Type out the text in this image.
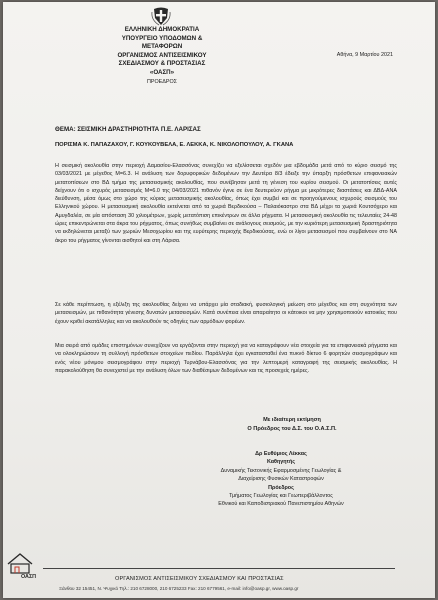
ΕΛΛΗΝΙΚΗ ΔΗΜΟΚΡΑΤΙΑ
ΥΠΟΥΡΓΕΙΟ ΥΠΟΔΟΜΩΝ &
ΜΕΤΑΦΟΡΩΝ
ΟΡΓΑΝΙΣΜΟΣ ΑΝΤΙΣΕΙΣΜΙΚΟΥ
ΣΧΕΔΙΑΣΜΟΥ & ΠΡΟΣΤΑΣΙΑΣ
«ΟΑΣΠ»
ΠΡΟΕΔΡΟΣ
Αθήνα, 9 Μαρτίου 2021
ΘΕΜΑ: ΣΕΙΣΜΙΚΗ ΔΡΑΣΤΗΡΙΟΤΗΤΑ Π.Ε. ΛΑΡΙΣΑΣ
ΠΟΡΙΣΜΑ Κ. ΠΑΠΑΖΑΧΟΥ, Γ. ΚΟΥΚΟΥΒΕΛΑ, Ε. ΛΕΚΚΑ, Κ. ΝΙΚΟΛΟΠΟΥΛΟΥ, Α. ΓΚΑΝΑ
Η σεισμική ακολουθία στην περιοχή Δαμασίου-Ελασσόνας συνεχίζει να εξελίσσεται σχεδόν μια εβδομάδα μετά από το κύριο σεισμό της 03/03/2021 με μέγεθος Μ=6.3. Η ανάλυση των δορυφορικών δεδομένων την Δευτέρα 8/3 έδειξε την ύπαρξη πρόσθετων επιφανειακών μετατοπίσεων στο ΒΔ τμήμα της μετασεισμικής ακολουθίας, που συνέβησαν μετά τη γένεση του κυρίου σεισμού. Οι μετατοπίσεις αυτές δείχνουν ότι ο ισχυρός μετασεισμός Μ=6.0 της 04/03/2021 πιθανόν έγινε σε ένα δευτερεύον ρήγμα με μικρότερες διαστάσεις και ΔΒΔ-ΑΝΑ διεύθυνση, μέσα όμως στο χώρο της κύριας μετασεισμικής ακολουθίας, όπως έχει συμβεί και σε προηγούμενους ισχυρούς σεισμούς του Ελληνικού χώρου. Η μετασεισμική ακολουθία εκτείνεται από τα χωριά Βερδικούσα – Παλαιόκαστρο στα ΒΔ μέχρι τα χωριά Κουτσόχερο και Αμυγδαλέα, σε μία απόσταση 30 χιλιομέτρων, χωρίς μετατόπιση επικέντρων σε άλλα ρήγματα. Η μετασεισμική ακολουθία τις τελευταίες 24-48 ώρες επικεντρώνεται στα άκρα του ρήγματος, όπως συνήθως συμβαίνει σε ανάλογους σεισμούς, με την κυριότερη μετασεισμική δραστηριότητα να εκδηλώνεται μεταξύ των χωριών Μεσοχωρίου και της ευρύτερης περιοχής Βερδικούσας, ενώ οι λίγοι μετασεισμοί που συμβαίνουν στο ΝΑ άκρο του ρήγματος γίνονται αισθητοί και στη Λάρισα.
Σε κάθε περίπτωση, η εξέλιξη της ακολουθίας δείχνει να υπάρχει μία σταδιακή, φυσιολογική μείωση στο μέγεθος και στη συχνότητα των μετασεισμών, με πιθανότητα γένεσης δυνατών μετασεισμών. Κατά συνέπεια είναι απαραίτητο οι κάτοικοι να μην χρησιμοποιούν κατοικίες που έχουν κριθεί ακατάλληλες και να ακολουθούν τις οδηγίες των αρμόδιων φορέων.
Μια σειρά από ομάδες επιστημόνων συνεχίζουν να εργάζονται στην περιοχή για να καταγράφουν νέα στοιχεία για τα επιφανειακά ρήγματα και να ολοκληρώσουν τη συλλογή πρόσθετων στοιχείων πεδίου. Παράλληλα έχει εγκατασταθεί ένα πυκνό δίκτυο 6 φορητών σεισμογράφων και ενός νέου μόνιμου σεισμογράφου στην περιοχή Τυρνάβου-Ελασσόνας για την λεπτομερή καταγραφή της σεισμικής ακολουθίας. Η παρακολούθηση θα συνεχιστεί με την ανάλυση όλων των διαθέσιμων δεδομένων και τις προσεχείς ημέρες.
Με ιδιαίτερη εκτίμηση
Ο Πρόεδρος του Δ.Σ. του Ο.Α.Σ.Π.
Δρ Ευθύμιος Λέκκας
Καθηγητής
Δυναμικής Τεκτονικής Εφαρμοσμένης Γεωλογίας &
Διαχείρισης Φυσικών Καταστροφών
Πρόεδρος
Τμήματος Γεωλογίας και Γεωπεριβάλλοντος
Εθνικού και Καποδιστριακού Πανεπιστημίου Αθηνών
ΟΑΣΠ	ΟΡΓΑΝΙΣΜΟΣ ΑΝΤΙΣΕΙΣΜΙΚΟΥ ΣΧΕΔΙΑΣΜΟΥ ΚΑΙ ΠΡΟΣΤΑΣΙΑΣ
Ξάνθου 32 15451, Ν. Ψυχικό Τηλ.: 210 6728000, 210 6725233 Fax: 210 6779561, e-mail: info@oasp.gr, www.oasp.gr
